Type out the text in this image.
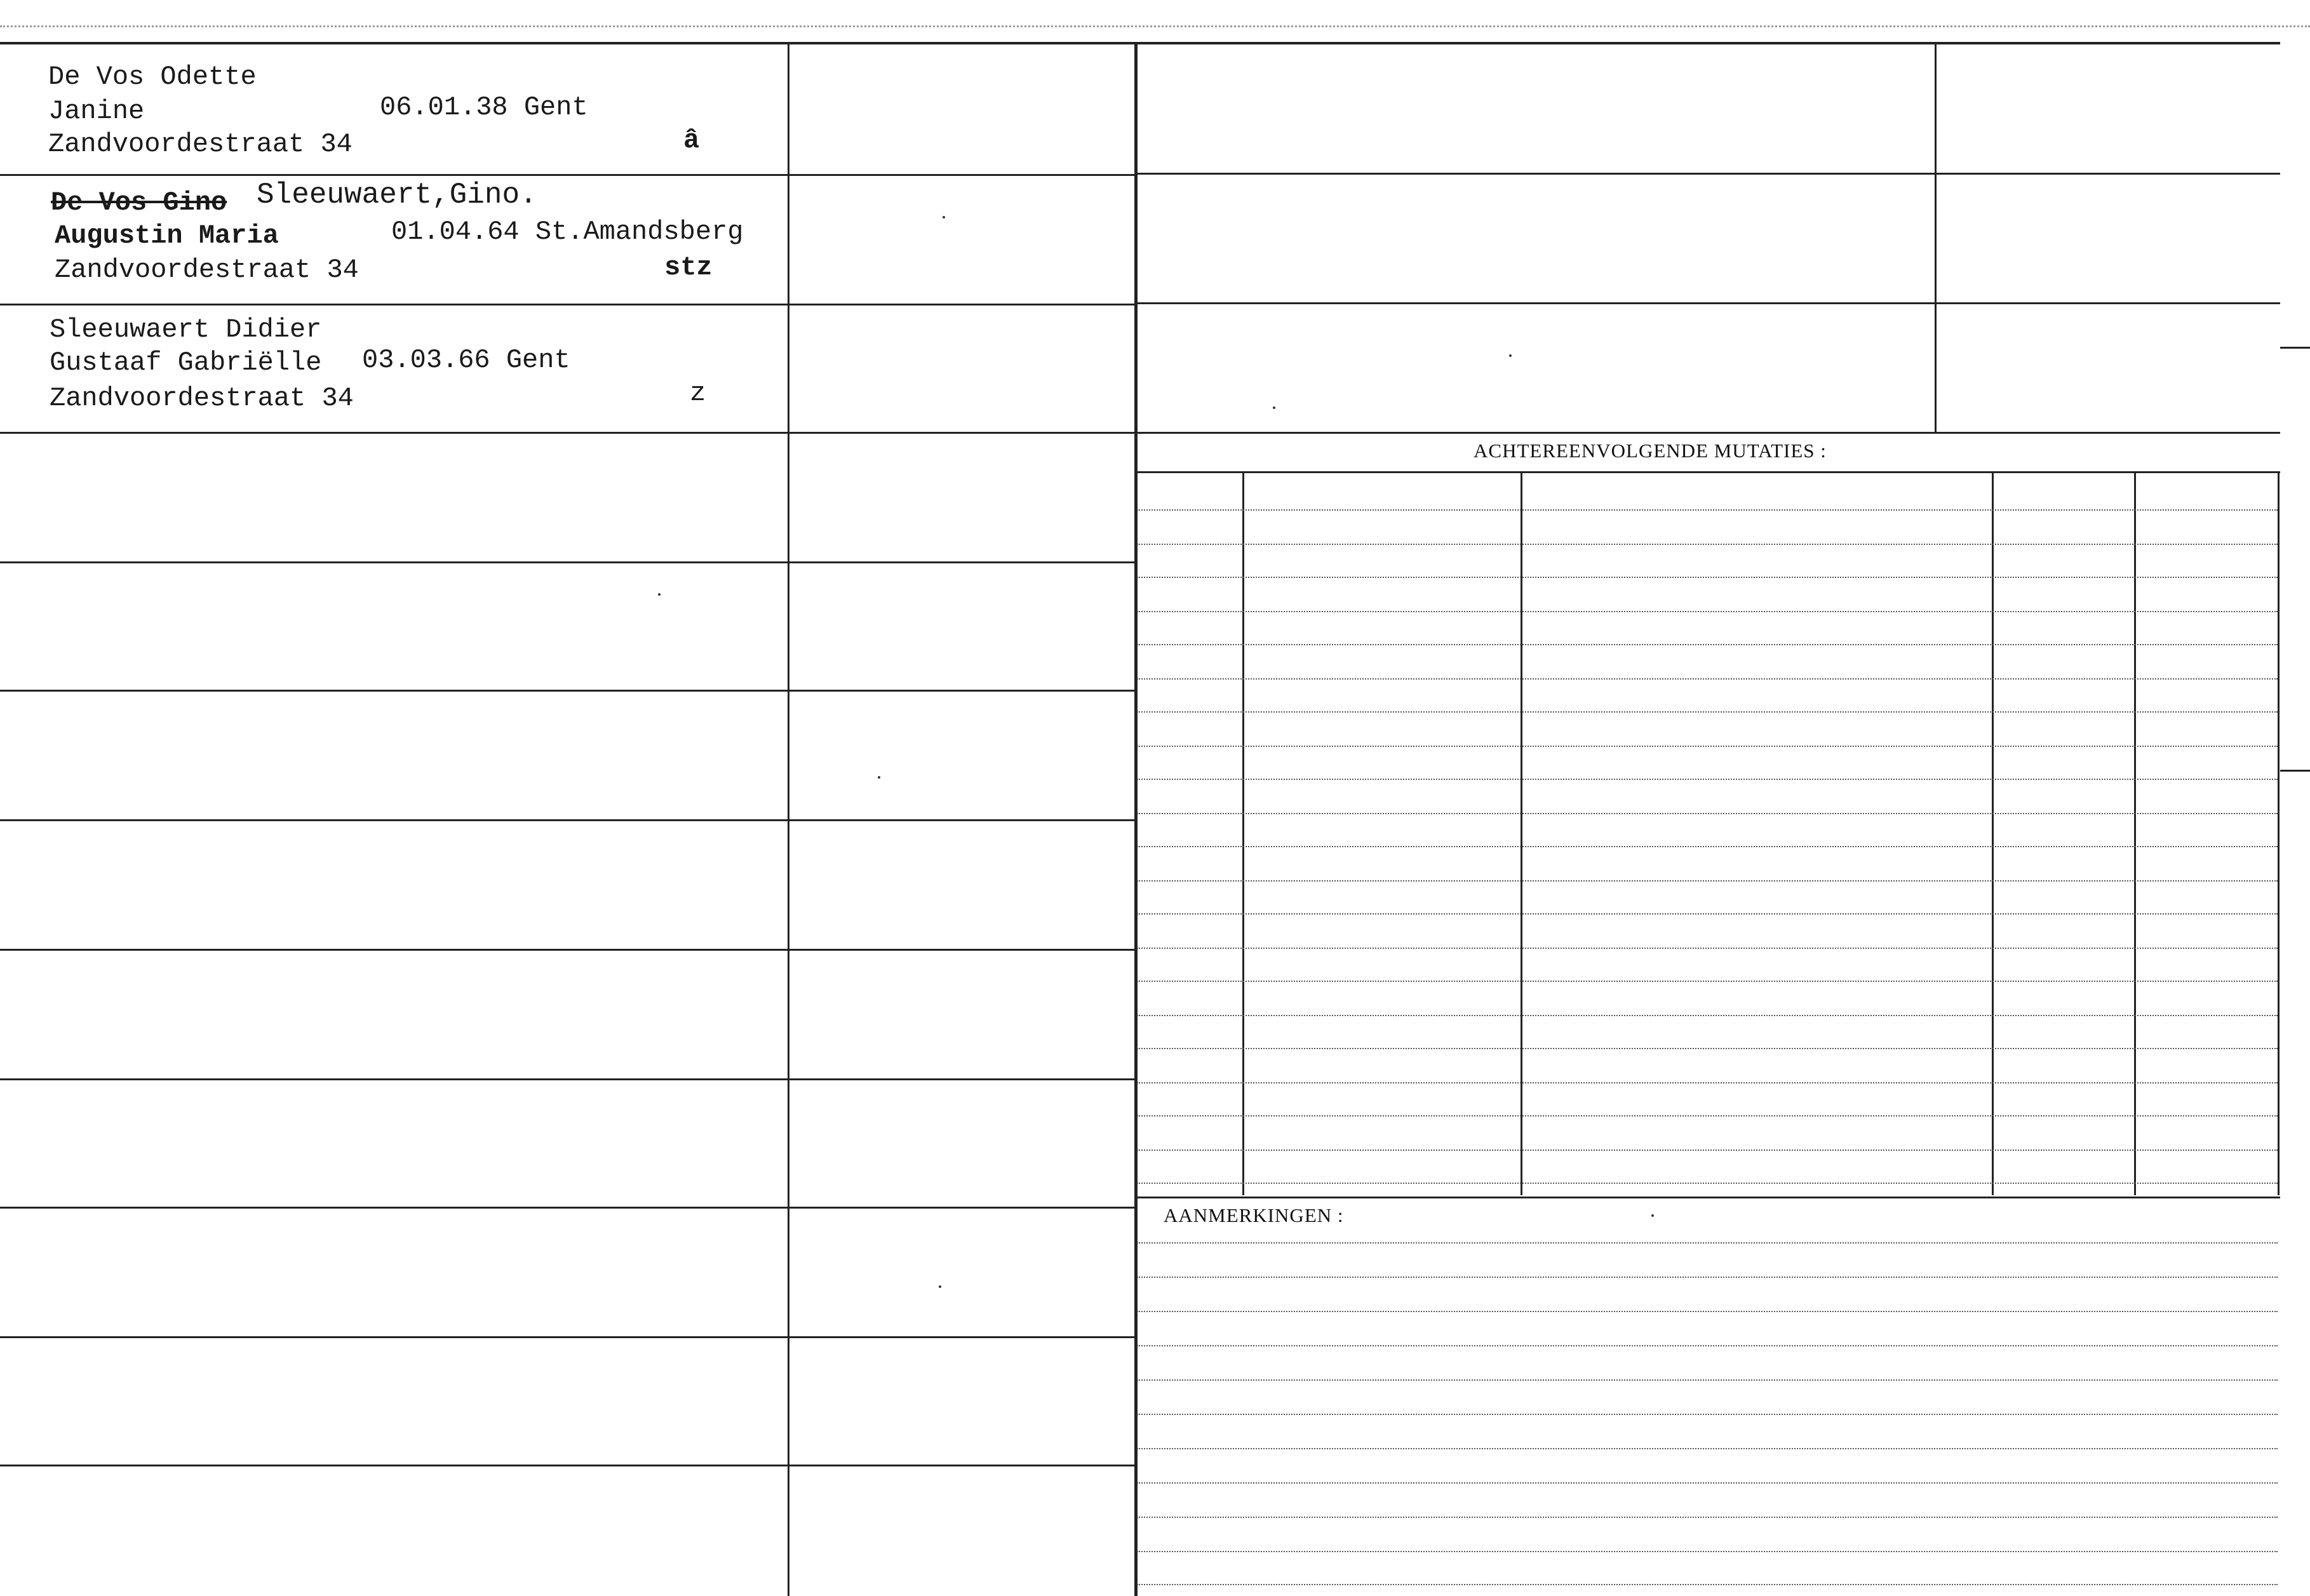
ACHTEREENVOLGENDE MUTATIES :
AANMERKINGEN :
De Vos Odette
Janine	06.01.38 Gent
Zandvoordestraat 34	â
De Vos Gino Sleeuwaert,Gino.
Augustin Maria	01.04.64 St.Amandsberg
Zandvoordestraat 34	stz
Sleeuwaert Didier
Gustaaf Gabriëlle 03.03.66 Gent
Zandvoordestraat 34	z
